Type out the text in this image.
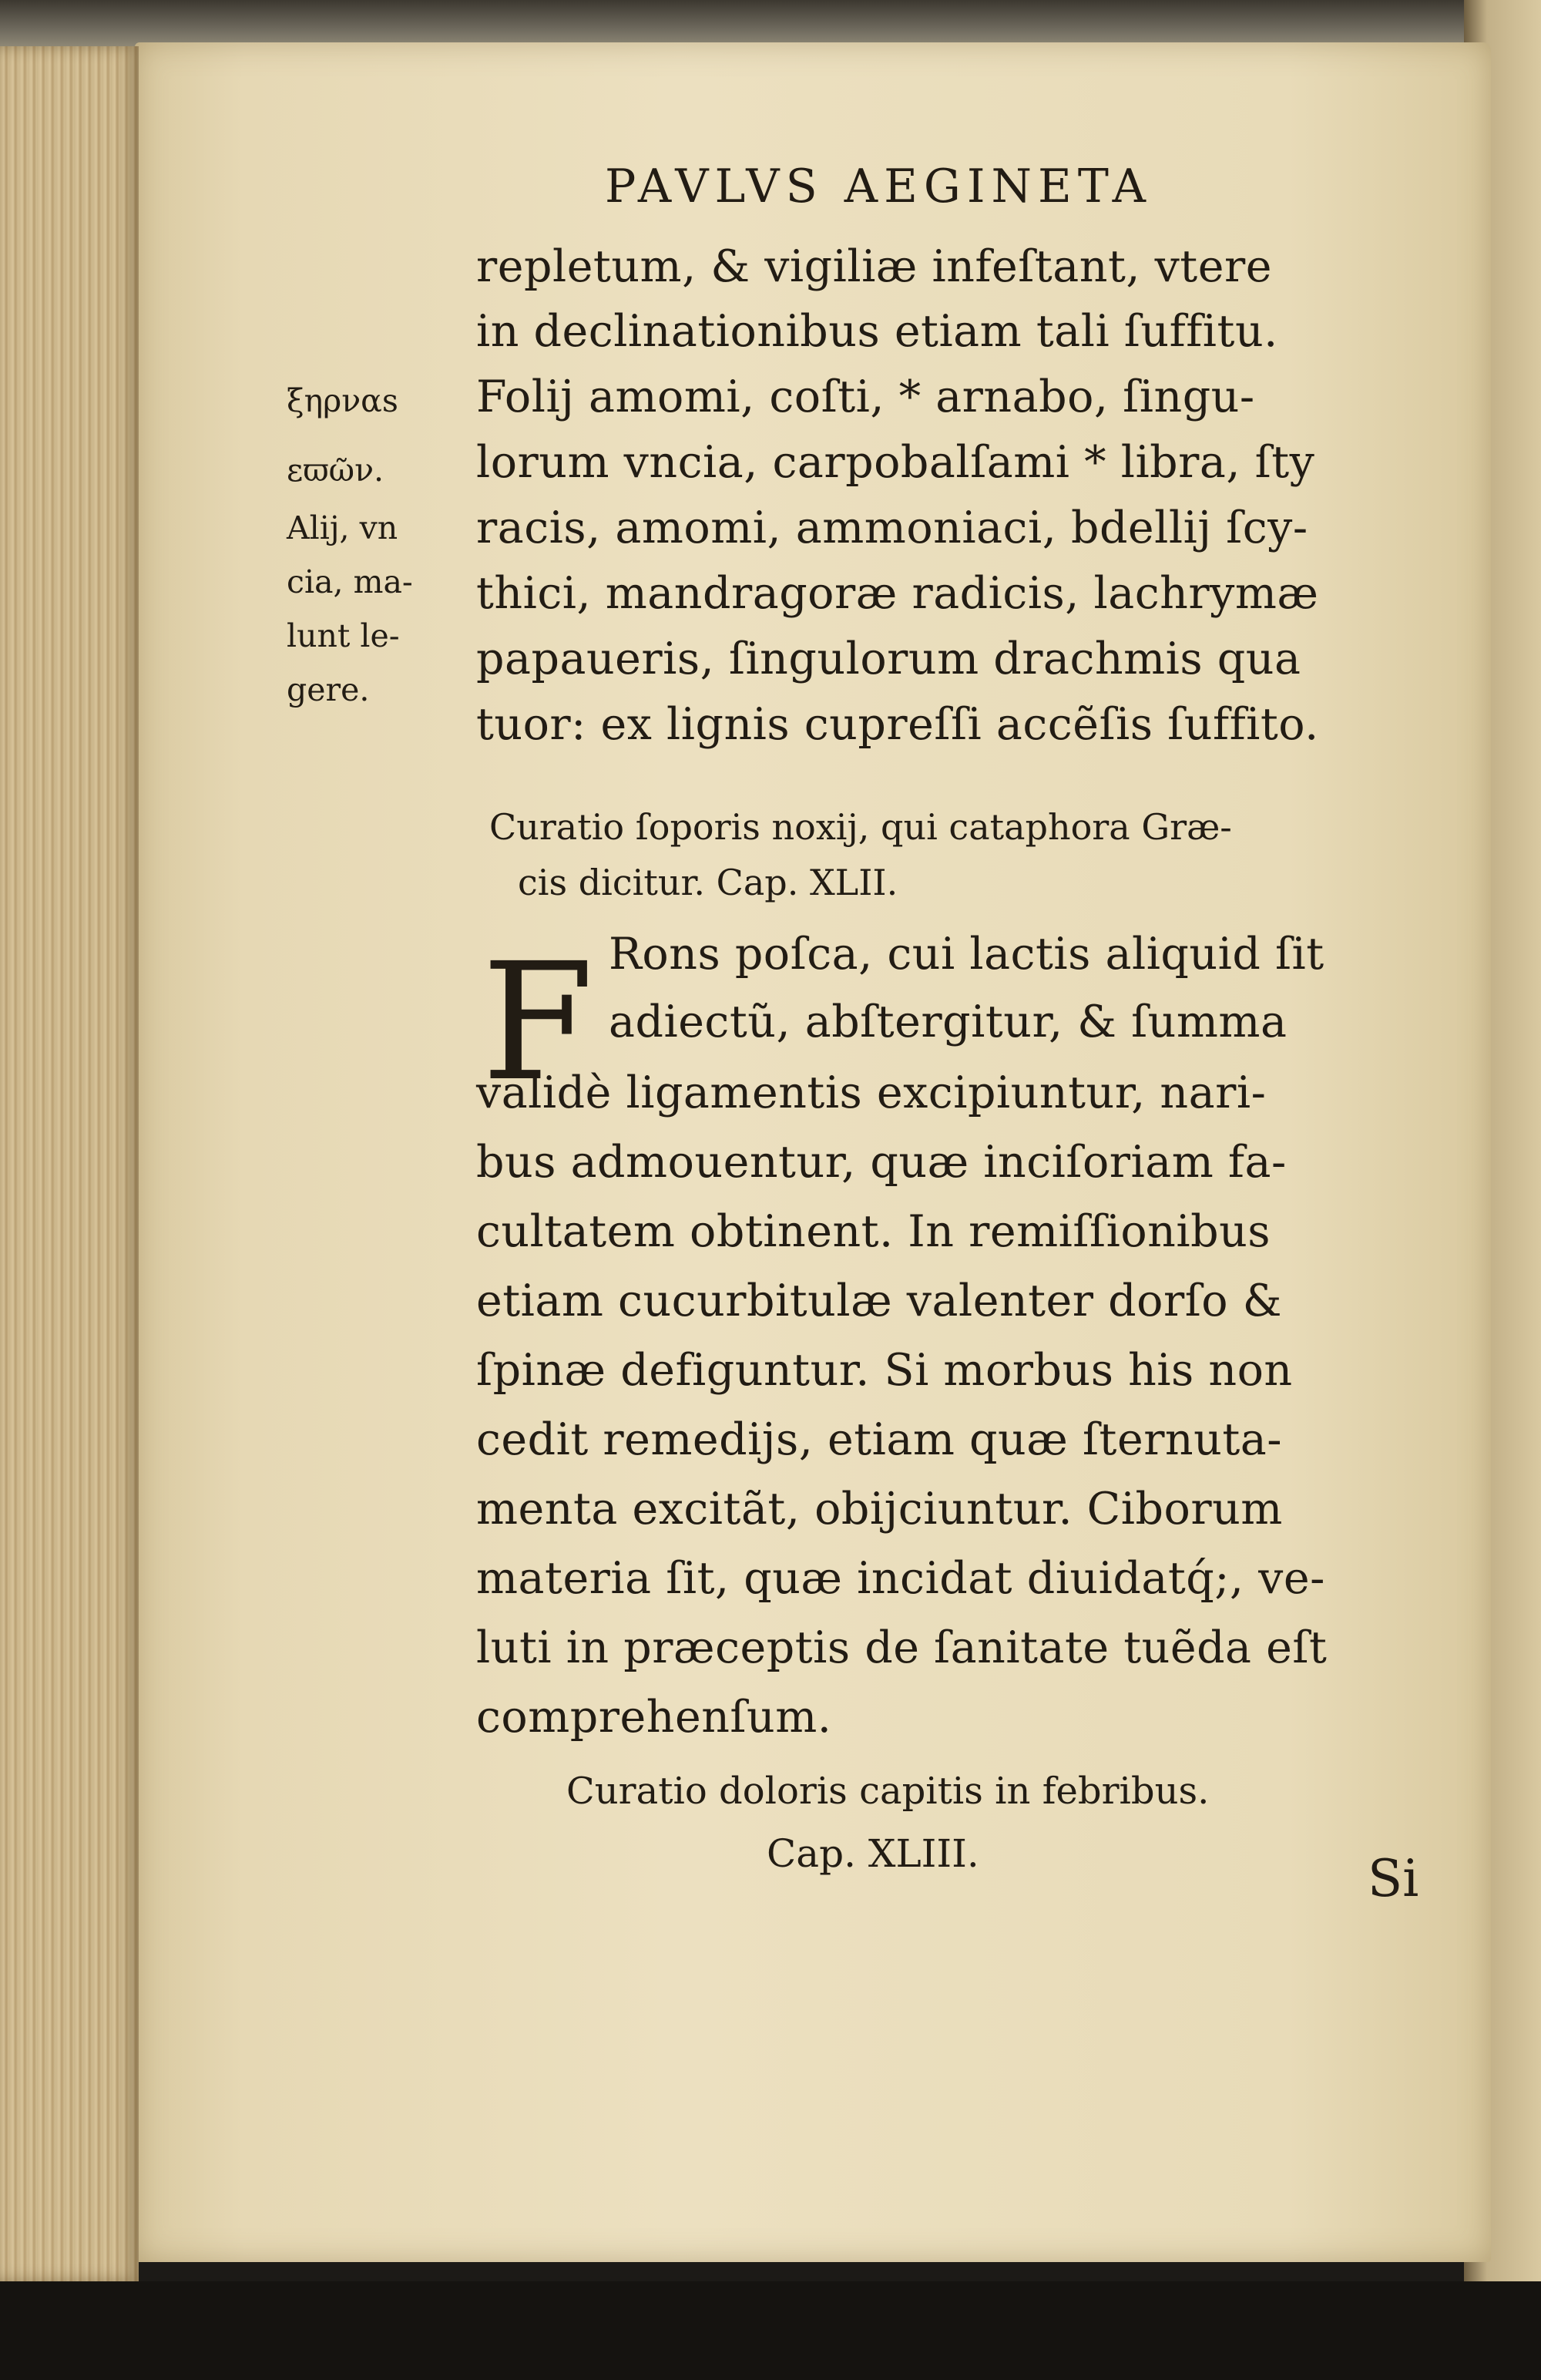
PAVLVS AEGINETA
repletum, & vigiliæ infeſtant, vtere
in declinationibus etiam tali ſuffitu.
Folij amomi, coſti, * arnabo, ſingu-
lorum vncia, carpobalſami * libra, ſty
racis, amomi, ammoniaci, bdellij ſcy-
thici, mandragoræ radicis, lachrymæ
papaueris, ſingulorum drachmis qua
tuor: ex lignis cupreſſi accẽſis ſuffito.
ξηρναs
εϖῶν.
Alij, vn
cia, ma-
lunt le-
gere.
Curatio ſoporis noxij, qui cataphora Græ-
cis dicitur. Cap. XLII.
F Rons poſca, cui lactis aliquid ſit
adiectũ, abſtergitur, & ſumma
validè ligamentis excipiuntur, nari-
bus admouentur, quæ inciſoriam fa-
cultatem obtinent. In remiſſionibus
etiam cucurbitulæ valenter dorſo &
ſpinæ defiguntur. Si morbus his non
cedit remedijs, etiam quæ ſternuta-
menta excitãt, obijciuntur. Ciborum
materia ſit, quæ incidat diuidatq́;, ve-
luti in præceptis de ſanitate tuẽda eſt
comprehenſum.
Curatio doloris capitis in febribus.
Cap. XLIII.	Si
